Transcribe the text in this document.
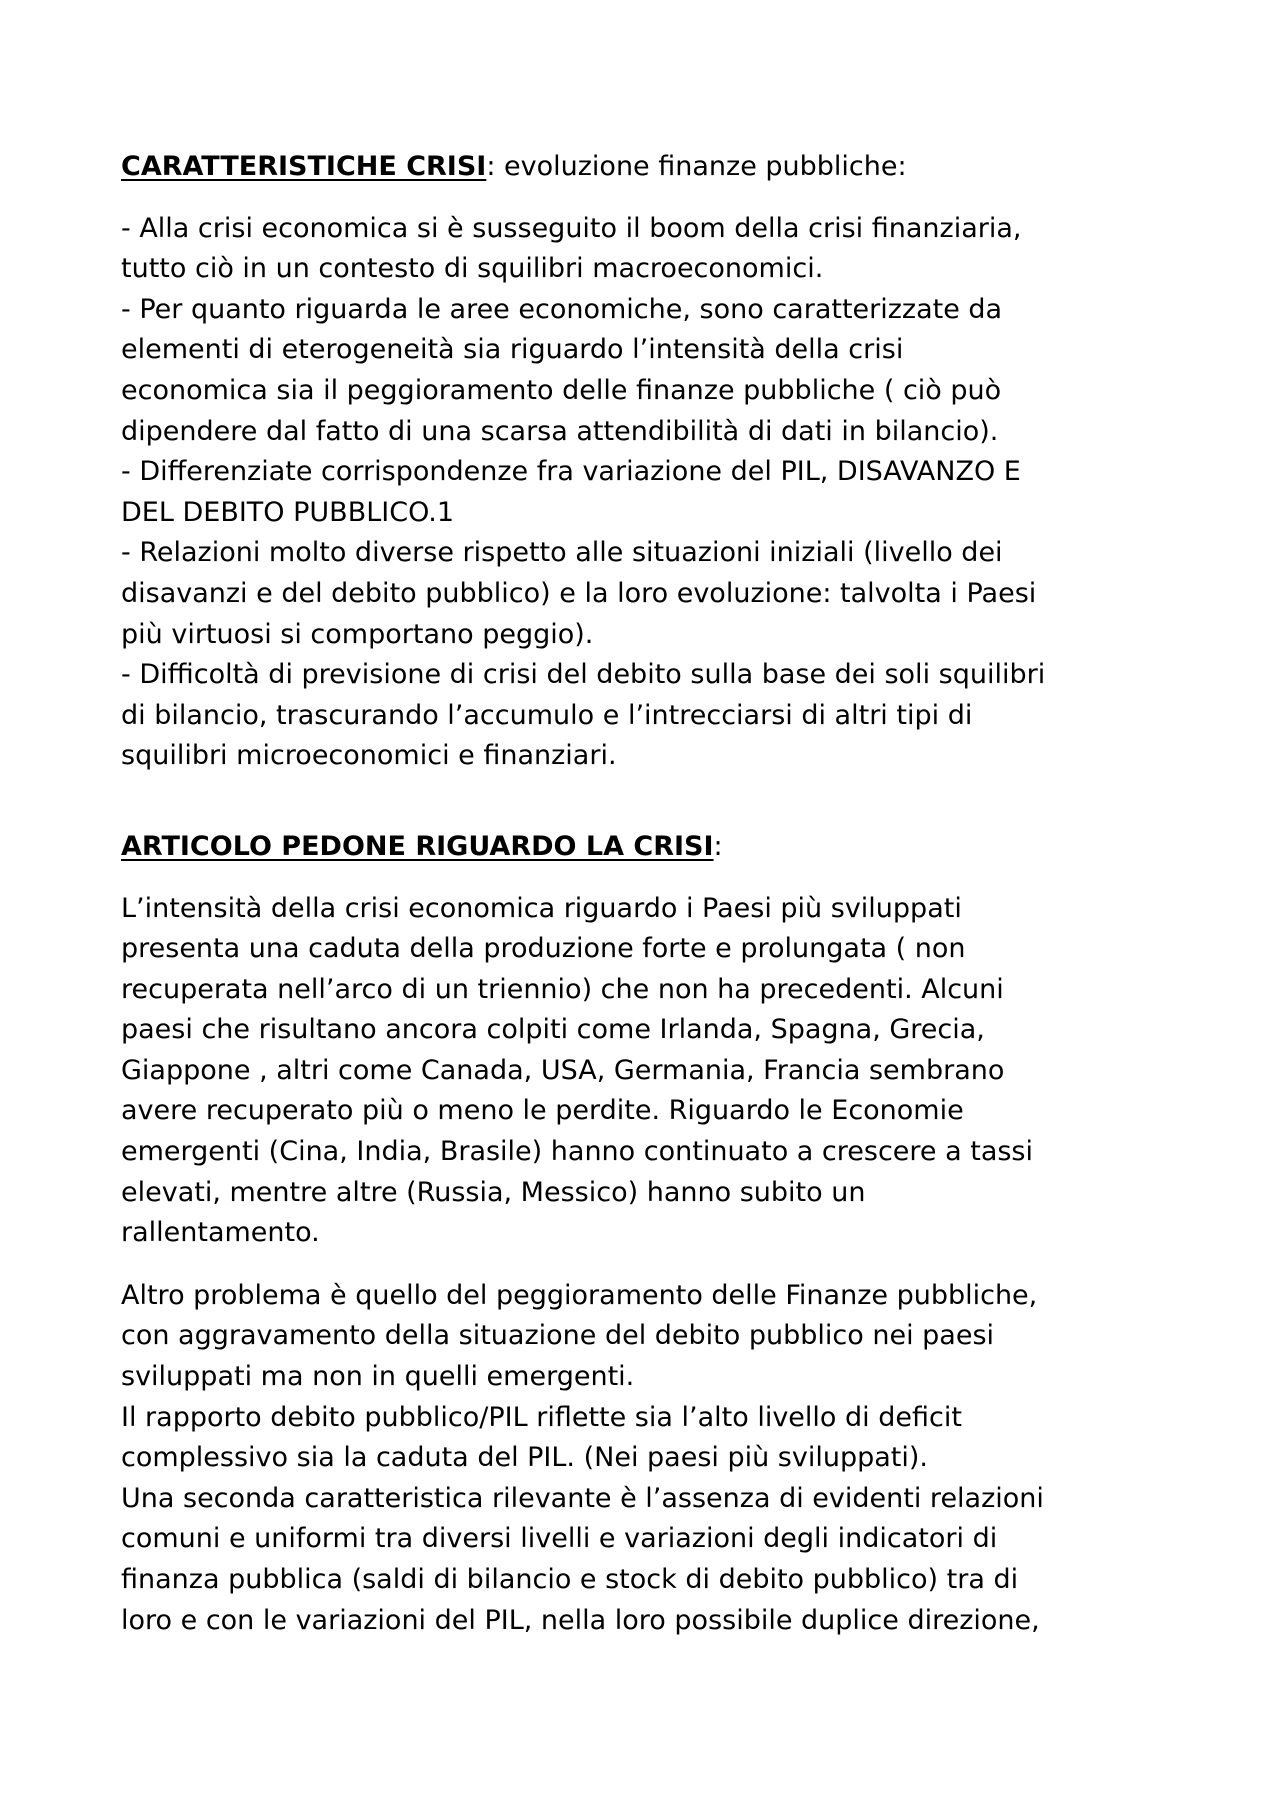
CARATTERISTICHE CRISI: evoluzione finanze pubbliche:

- Alla crisi economica si è susseguito il boom della crisi finanziaria,
tutto ciò in un contesto di squilibri macroeconomici.
- Per quanto riguarda le aree economiche, sono caratterizzate da
elementi di eterogeneità sia riguardo l’intensità della crisi
economica sia il peggioramento delle finanze pubbliche ( ciò può
dipendere dal fatto di una scarsa attendibilità di dati in bilancio).
- Differenziate corrispondenze fra variazione del PIL, DISAVANZO E
DEL DEBITO PUBBLICO.1
- Relazioni molto diverse rispetto alle situazioni iniziali (livello dei
disavanzi e del debito pubblico) e la loro evoluzione: talvolta i Paesi
più virtuosi si comportano peggio).
- Difficoltà di previsione di crisi del debito sulla base dei soli squilibri
di bilancio, trascurando l’accumulo e l’intrecciarsi di altri tipi di
squilibri microeconomici e finanziari.

ARTICOLO PEDONE RIGUARDO LA CRISI:

L’intensità della crisi economica riguardo i Paesi più sviluppati
presenta una caduta della produzione forte e prolungata ( non
recuperata nell’arco di un triennio) che non ha precedenti. Alcuni
paesi che risultano ancora colpiti come Irlanda, Spagna, Grecia,
Giappone , altri come Canada, USA, Germania, Francia sembrano
avere recuperato più o meno le perdite. Riguardo le Economie
emergenti (Cina, India, Brasile) hanno continuato a crescere a tassi
elevati, mentre altre (Russia, Messico) hanno subito un
rallentamento.
Altro problema è quello del peggioramento delle Finanze pubbliche,
con aggravamento della situazione del debito pubblico nei paesi
sviluppati ma non in quelli emergenti.
Il rapporto debito pubblico/PIL riflette sia l’alto livello di deficit
complessivo sia la caduta del PIL. (Nei paesi più sviluppati).
Una seconda caratteristica rilevante è l’assenza di evidenti relazioni
comuni e uniformi tra diversi livelli e variazioni degli indicatori di
finanza pubblica (saldi di bilancio e stock di debito pubblico) tra di
loro e con le variazioni del PIL, nella loro possibile duplice direzione,
